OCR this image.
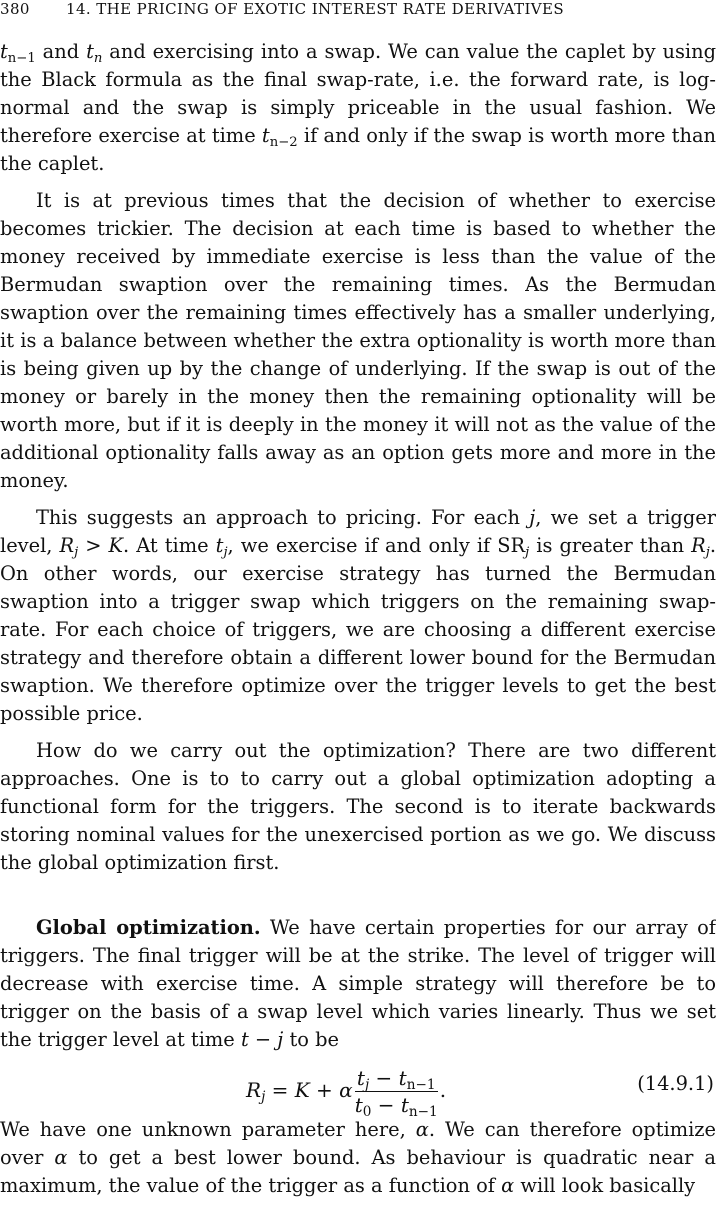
380 14. THE PRICING OF EXOTIC INTEREST RATE DERIVATIVES

$t_{n-1}$ and $t_n$ and exercising into a swap. We can value the caplet by using the Black formula as the final swap-rate, i.e. the forward rate, is log-normal and the swap is simply priceable in the usual fashion. We therefore exercise at time $t_{n-2}$ if and only if the swap is worth more than the caplet.

It is at previous times that the decision of whether to exercise becomes trickier. The decision at each time is based to whether the money received by immediate exercise is less than the value of the Bermudan swaption over the remaining times. As the Bermudan swaption over the remaining times effectively has a smaller underlying, it is a balance between whether the extra optionality is worth more than is being given up by the change of underlying. If the swap is out of the money or barely in the money then the remaining optionality will be worth more, but if it is deeply in the money it will not as the value of the additional optionality falls away as an option gets more and more in the money.

This suggests an approach to pricing. For each j, we set a trigger level, $R_j > K$. At time $t_j$, we exercise if and only if $SR_j$ is greater than $R_j$. On other words, our exercise strategy has turned the Bermudan swaption into a trigger swap which triggers on the remaining swap-rate. For each choice of triggers, we are choosing a different exercise strategy and therefore obtain a different lower bound for the Bermudan swaption. We therefore optimize over the trigger levels to get the best possible price.

How do we carry out the optimization? There are two different approaches. One is to to carry out a global optimization adopting a functional form for the triggers. The second is to iterate backwards storing nominal values for the unexercised portion as we go. We discuss the global optimization first.

Global optimization. We have certain properties for our array of triggers. The final trigger will be at the strike. The level of trigger will decrease with exercise time. A simple strategy will therefore be to trigger on the basis of a swap level which varies linearly. Thus we set the trigger level at time t − j to be

$R_j = K + \alpha \frac{t_j - t_{n-1}}{t_0 - t_{n-1}}$ .	(14.9.1)

We have one unknown parameter here, α. We can therefore optimize over α to get a best lower bound. As behaviour is quadratic near a maximum, the value of the trigger as a function of α will look basically
